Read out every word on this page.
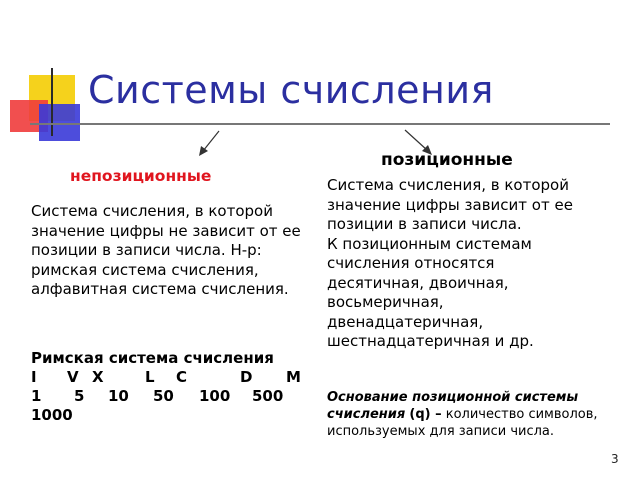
Системы счисления
непозиционные
Система счисления, в которой значение цифры не зависит от ее позиции в записи числа. Н-р: римская система счисления, алфавитная система счисления.
Римская система счисления
I V X	L C	D M
1 5 10 50 100 500
1000
позиционные
Система счисления, в которой значение цифры зависит от ее позиции в записи числа.
К позиционным системам счисления относятся десятичная, двоичная, восьмеричная, двенадцатеричная, шестнадцатеричная и др.
Основание позиционной системы счисления (q) – количество символов, используемых для записи числа.
3
